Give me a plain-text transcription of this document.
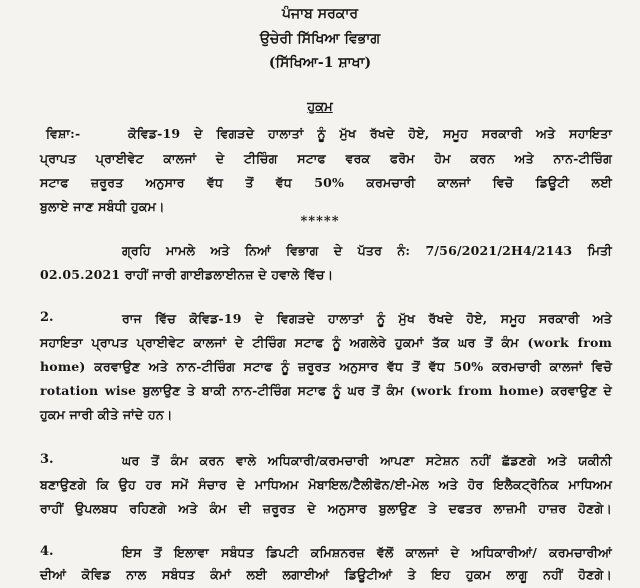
ਪੰਜਾਬ ਸਰਕਾਰ
ਉਚੇਰੀ ਸਿੱਖਿਆ ਵਿਭਾਗ
(ਸਿੱਖਿਆ-1 ਸ਼ਾਖਾ)
ਹੁਕਮ
ਵਿਸ਼ਾ:-	ਕੋਵਿਡ-19 ਦੇ ਵਿਗੜਦੇ ਹਾਲਾਤਾਂ ਨੂੰ ਮੁੱਖ ਰੱਖਦੇ ਹੋਏ, ਸਮੂਹ ਸਰਕਾਰੀ ਅਤੇ ਸਹਾਇਤਾ
ਪ੍ਰਾਪਤ ਪ੍ਰਾਈਵੇਟ ਕਾਲਜਾਂ ਦੇ ਟੀਚਿੰਗ ਸਟਾਫ ਵਰਕ ਫਰੋਮ ਹੋਮ ਕਰਨ ਅਤੇ ਨਾਨ-ਟੀਚਿੰਗ
ਸਟਾਫ ਜ਼ਰੂਰਤ ਅਨੁਸਾਰ ਵੱਧ ਤੋਂ ਵੱਧ 50% ਕਰਮਚਾਰੀ ਕਾਲਜਾਂ ਵਿਚੋ ਡਿਊਟੀ ਲਈ
ਬੁਲਾਏ ਜਾਣ ਸਬੰਧੀ ਹੁਕਮ।
*****
ਗ੍ਰਹਿ ਮਾਮਲੇ ਅਤੇ ਨਿਆਂ ਵਿਭਾਗ ਦੇ ਪੱਤਰ ਨੰ: 7/56/2021/2H4/2143 ਮਿਤੀ
02.05.2021 ਰਾਹੀਂ ਜਾਰੀ ਗਾਈਡਲਾਈਨਜ਼ ਦੇ ਹਵਾਲੇ ਵਿੱਚ।
2.	ਰਾਜ ਵਿੱਚ ਕੋਵਿਡ-19 ਦੇ ਵਿਗੜਦੇ ਹਾਲਾਤਾਂ ਨੂੰ ਮੁੱਖ ਰੱਖਦੇ ਹੋਏ, ਸਮੂਹ ਸਰਕਾਰੀ ਅਤੇ
ਸਹਾਇਤਾ ਪ੍ਰਾਪਤ ਪ੍ਰਾਈਵੇਟ ਕਾਲਜਾਂ ਦੇ ਟੀਚਿੰਗ ਸਟਾਫ ਨੂੰ ਅਗਲੇਰੇ ਹੁਕਮਾਂ ਤੱਕ ਘਰ ਤੋਂ ਕੰਮ (work from
home) ਕਰਵਾਉਣ ਅਤੇ ਨਾਨ-ਟੀਚਿੰਗ ਸਟਾਫ ਨੂੰ ਜ਼ਰੂਰਤ ਅਨੁਸਾਰ ਵੱਧ ਤੋਂ ਵੱਧ 50% ਕਰਮਚਾਰੀ ਕਾਲਜਾਂ ਵਿਚੋ
rotation wise ਬੁਲਾਉਣ ਤੇ ਬਾਕੀ ਨਾਨ-ਟੀਚਿੰਗ ਸਟਾਫ ਨੂੰ ਘਰ ਤੋਂ ਕੰਮ (work from home) ਕਰਵਾਉਣ ਦੇ
ਹੁਕਮ ਜਾਰੀ ਕੀਤੇ ਜਾਂਦੇ ਹਨ।
3.	ਘਰ ਤੋਂ ਕੰਮ ਕਰਨ ਵਾਲੇ ਅਧਿਕਾਰੀ/ਕਰਮਚਾਰੀ ਆਪਣਾ ਸਟੇਸ਼ਨ ਨਹੀਂ ਛੱਡਣਗੇ ਅਤੇ ਯਕੀਨੀ
ਬਣਾਉਣਗੇ ਕਿ ਉਹ ਹਰ ਸਮੇਂ ਸੰਚਾਰ ਦੇ ਮਾਧਿਅਮ ਮੋਬਾਇਲ/ਟੈਲੀਫੋਨ/ਈ-ਮੇਲ ਅਤੇ ਹੋਰ ਇਲੈਕਟ੍ਰੋਨਿਕ ਮਾਧਿਅਮ
ਰਾਹੀਂ ਉਪਲਬਧ ਰਹਿਣਗੇ ਅਤੇ ਕੰਮ ਦੀ ਜ਼ਰੂਰਤ ਦੇ ਅਨੁਸਾਰ ਬੁਲਾਉਣ ਤੇ ਦਫਤਰ ਲਾਜ਼ਮੀ ਹਾਜ਼ਰ ਹੋਣਗੇ।
4.	ਇਸ ਤੋਂ ਇਲਾਵਾ ਸਬੰਧਤ ਡਿਪਟੀ ਕਮਿਸ਼ਨਰਜ਼ ਵੱਲੋਂ ਕਾਲਜਾਂ ਦੇ ਅਧਿਕਾਰੀਆਂ/ ਕਰਮਚਾਰੀਆਂ
ਦੀਆਂ ਕੋਵਿਡ ਨਾਲ ਸਬੰਧਤ ਕੰਮਾਂ ਲਈ ਲਗਾਈਆਂ ਡਿਊਟੀਆਂ ਤੇ ਇਹ ਹੁਕਮ ਲਾਗੂ ਨਹੀਂ ਹੋਣਗੇ।
